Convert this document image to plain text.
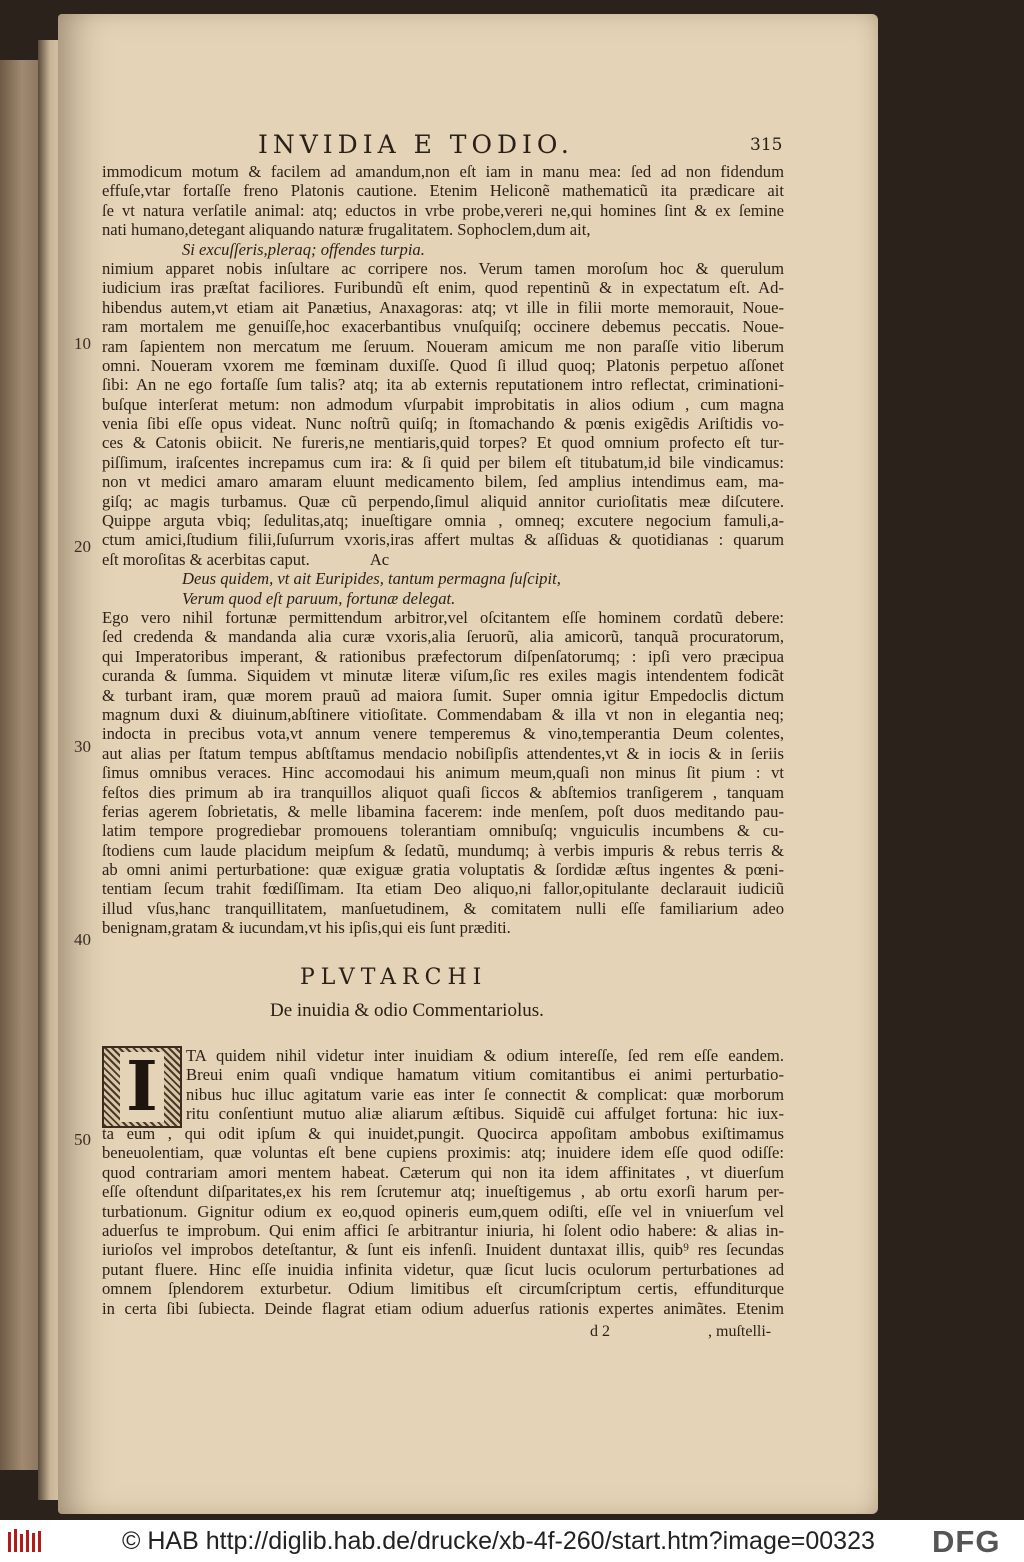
INVIDIA E TODIO.	315
10
20
30
40
50
immodicum motum & facilem ad amandum,non eſt iam in manu mea: ſed ad non fidendum
effuſe,vtar fortaſſe freno Platonis cautione. Etenim Heliconẽ mathematicũ ita prædicare ait
ſe vt natura verſatile animal: atq; eductos in vrbe probe,vereri ne,qui homines ſint & ex ſemine
nati humano,detegant aliquando naturæ frugalitatem. Sophoclem,dum ait,
Si excuſſeris,pleraq; offendes turpia.
nimium apparet nobis inſultare ac corripere nos. Verum tamen moroſum hoc & querulum
iudicium iras præſtat faciliores. Furibundũ eſt enim, quod repentinũ & in expectatum eſt. Ad-
hibendus autem,vt etiam ait Panætius, Anaxagoras: atq; vt ille in filii morte memorauit, Noue-
ram mortalem me genuiſſe,hoc exacerbantibus vnuſquiſq; occinere debemus peccatis. Noue-
ram ſapientem non mercatum me ſeruum. Noueram amicum me non paraſſe vitio liberum
omni. Noueram vxorem me fœminam duxiſſe. Quod ſi illud quoq; Platonis perpetuo aſſonet
ſibi: An ne ego fortaſſe ſum talis? atq; ita ab externis reputationem intro reflectat, criminationi-
buſque interſerat metum: non admodum vſurpabit improbitatis in alios odium , cum magna
venia ſibi eſſe opus videat. Nunc noſtrũ quiſq; in ſtomachando & pœnis exigẽdis Ariſtidis vo-
ces & Catonis obiicit. Ne fureris,ne mentiaris,quid torpes? Et quod omnium profecto eſt tur-
piſſimum, iraſcentes increpamus cum ira: & ſi quid per bilem eſt titubatum,id bile vindicamus:
non vt medici amaro amaram eluunt medicamento bilem, ſed amplius intendimus eam, ma-
giſq; ac magis turbamus. Quæ cũ perpendo,ſimul aliquid annitor curioſitatis meæ diſcutere.
Quippe arguta vbiq; ſedulitas,atq; inueſtigare omnia , omneq; excutere negocium famuli,a-
ctum amici,ſtudium filii,ſuſurrum vxoris,iras affert multas & aſſiduas & quotidianas : quarum
eſt moroſitas & acerbitas caput.	Ac
Deus quidem, vt ait Euripides, tantum permagna ſuſcipit,
Verum quod eſt paruum, fortunæ delegat.
Ego vero nihil fortunæ permittendum arbitror,vel oſcitantem eſſe hominem cordatũ debere:
ſed credenda & mandanda alia curæ vxoris,alia ſeruorũ, alia amicorũ, tanquã procuratorum,
qui Imperatoribus imperant, & rationibus præfectorum diſpenſatorumq; : ipſi vero præcipua
curanda & ſumma. Siquidem vt minutæ literæ viſum,ſic res exiles magis intendentem fodicãt
& turbant iram, quæ morem prauũ ad maiora ſumit. Super omnia igitur Empedoclis dictum
magnum duxi & diuinum,abſtinere vitioſitate. Commendabam & illa vt non in elegantia neq;
indocta in precibus vota,vt annum venere temperemus & vino,temperantia Deum colentes,
aut alias per ſtatum tempus abſtſtamus mendacio nobiſipſis attendentes,vt & in iocis & in ſeriis
ſimus omnibus veraces. Hinc accomodaui his animum meum,quaſi non minus ſit pium : vt
feſtos dies primum ab ira tranquillos aliquot quaſi ſiccos & abſtemios tranſigerem , tanquam
ferias agerem ſobrietatis, & melle libamina facerem: inde menſem, poſt duos meditando pau-
latim tempore progrediebar promouens tolerantiam omnibuſq; vnguiculis incumbens & cu-
ſtodiens cum laude placidum meipſum & ſedatũ, mundumq; à verbis impuris & rebus terris &
ab omni animi perturbatione: quæ exiguæ gratia voluptatis & ſordidæ æſtus ingentes & pœni-
tentiam ſecum trahit fœdiſſimam. Ita etiam Deo aliquo,ni fallor,opitulante declarauit iudiciũ
illud vſus,hanc tranquillitatem, manſuetudinem, & comitatem nulli eſſe familiarium adeo
benignam,gratam & iucundam,vt his ipſis,qui eis ſunt præditi.
PLVTARCHI
De inuidia & odio Commentariolus.
I	TA quidem nihil videtur inter inuidiam & odium intereſſe, ſed rem eſſe eandem.
Breui enim quaſi vndique hamatum vitium comitantibus ei animi perturbatio-
nibus huc illuc agitatum varie eas inter ſe connectit & complicat: quæ morborum
ritu conſentiunt mutuo aliæ aliarum æſtibus. Siquidẽ cui affulget fortuna: hic iux-
ta eum , qui odit ipſum & qui inuidet,pungit. Quocirca appoſitam ambobus exiſtimamus
beneuolentiam, quæ voluntas eſt bene cupiens proximis: atq; inuidere idem eſſe quod odiſſe:
quod contrariam amori mentem habeat. Cæterum qui non ita idem affinitates , vt diuerſum
eſſe oſtendunt diſparitates,ex his rem ſcrutemur atq; inueſtigemus , ab ortu exorſi harum per-
turbationum. Gignitur odium ex eo,quod opineris eum,quem odiſti, eſſe vel in vniuerſum vel
aduerſus te improbum. Qui enim affici ſe arbitrantur iniuria, hi ſolent odio habere: & alias in-
iurioſos vel improbos deteſtantur, & ſunt eis infenſi. Inuident duntaxat illis, quib⁹ res ſecundas
putant fluere. Hinc eſſe inuidia infinita videtur, quæ ſicut lucis oculorum perturbationes ad
omnem ſplendorem exturbetur. Odium limitibus eſt circumſcriptum certis, effunditurque
in certa ſibi ſubiecta. Deinde flagrat etiam odium aduerſus rationis expertes animãtes. Etenim
d 2	, muſtelli-
© HAB http://diglib.hab.de/drucke/xb-4f-260/start.htm?image=00323 DFG
